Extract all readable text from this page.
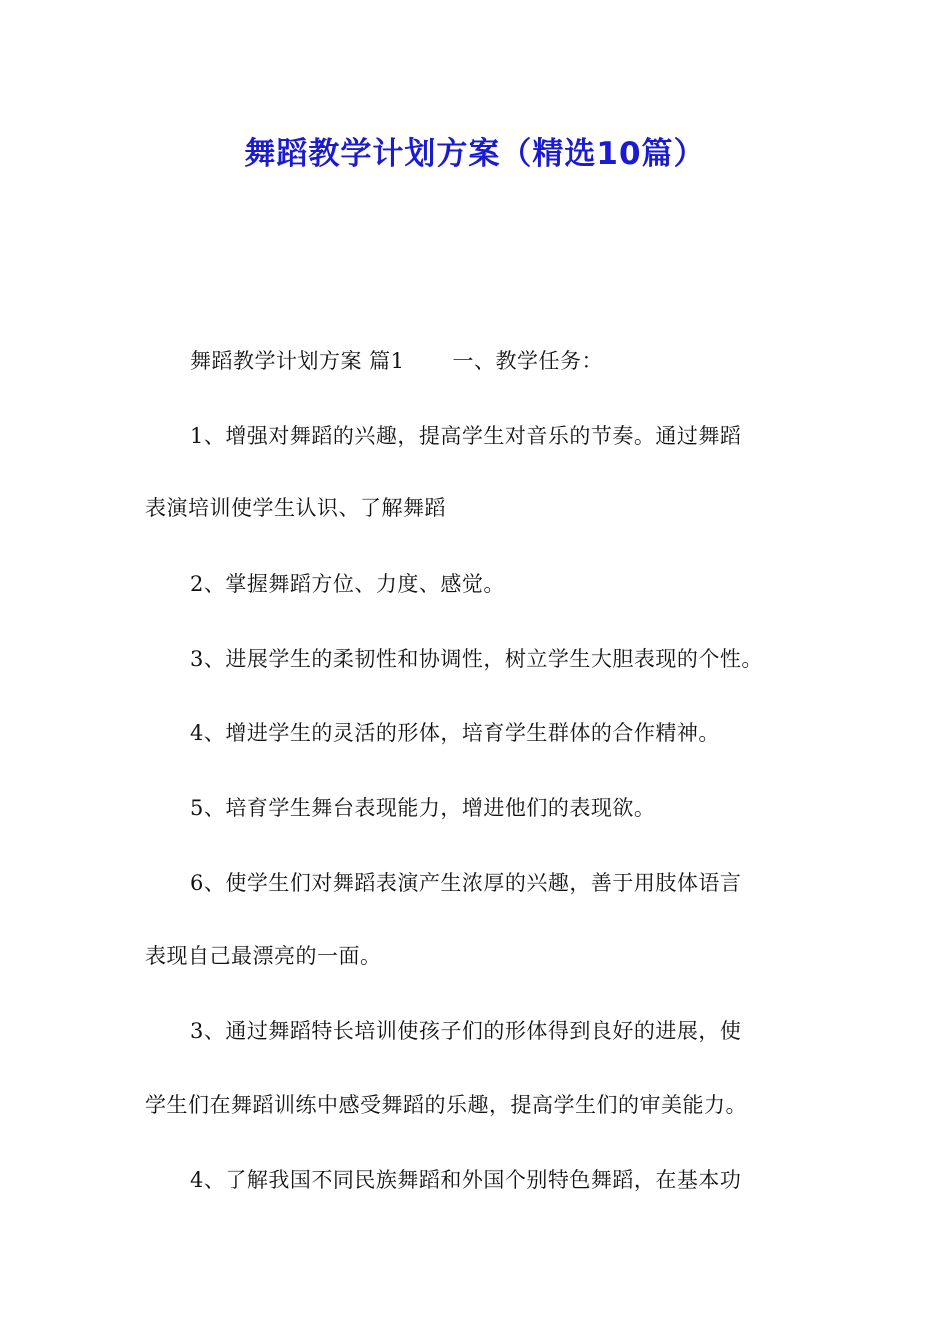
舞蹈教学计划方案（精选10篇）
舞蹈教学计划方案 篇1 一、教学任务：
1、增强对舞蹈的兴趣，提高学生对音乐的节奏。通过舞蹈
表演培训使学生认识、了解舞蹈
2、掌握舞蹈方位、力度、感觉。
3、进展学生的柔韧性和协调性，树立学生大胆表现的个性。
4、增进学生的灵活的形体，培育学生群体的合作精神。
5、培育学生舞台表现能力，增进他们的表现欲。
6、使学生们对舞蹈表演产生浓厚的兴趣，善于用肢体语言
表现自己最漂亮的一面。
3、通过舞蹈特长培训使孩子们的形体得到良好的进展，使
学生们在舞蹈训练中感受舞蹈的乐趣，提高学生们的审美能力。
4、了解我国不同民族舞蹈和外国个别特色舞蹈，在基本功
